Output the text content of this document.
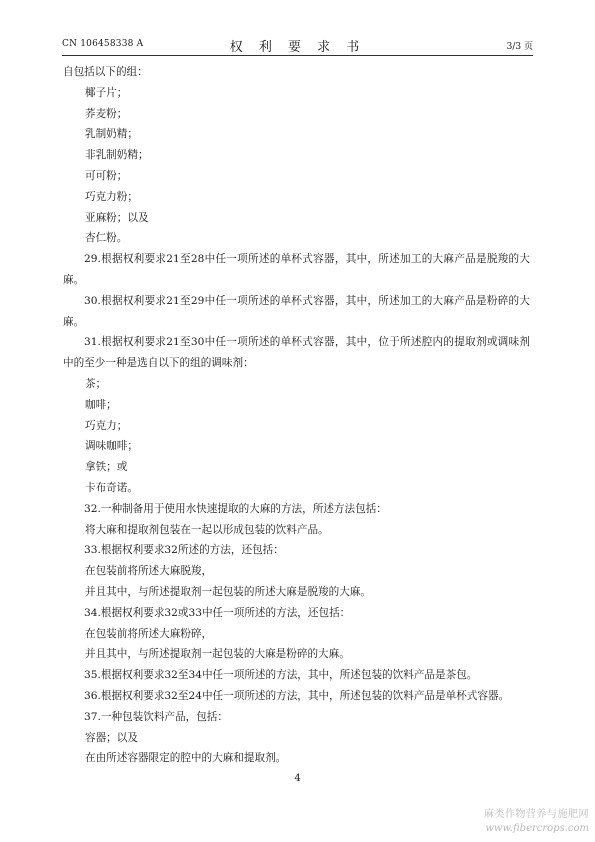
CN 106458338 A	权 利 要 求 书	3/3 页

自包括以下的组：

椰子片；

荞麦粉；

乳制奶精；

非乳制奶精；

可可粉；

巧克力粉；

亚麻粉；以及

杏仁粉。

29.根据权利要求21至28中任一项所述的单杯式容器，其中，所述加工的大麻产品是脱羧的大麻。

30.根据权利要求21至29中任一项所述的单杯式容器，其中，所述加工的大麻产品是粉碎的大麻。

31.根据权利要求21至30中任一项所述的单杯式容器，其中，位于所述腔内的提取剂或调味剂中的至少一种是选自以下的组的调味剂：

茶；

咖啡；

巧克力；

调味咖啡；

拿铁；或

卡布奇诺。

32.一种制备用于使用水快速提取的大麻的方法，所述方法包括：

将大麻和提取剂包装在一起以形成包装的饮料产品。

33.根据权利要求32所述的方法，还包括：

在包装前将所述大麻脱羧，

并且其中，与所述提取剂一起包装的所述大麻是脱羧的大麻。

34.根据权利要求32或33中任一项所述的方法，还包括：

在包装前将所述大麻粉碎，

并且其中，与所述提取剂一起包装的大麻是粉碎的大麻。

35.根据权利要求32至34中任一项所述的方法，其中，所述包装的饮料产品是茶包。

36.根据权利要求32至24中任一项所述的方法，其中，所述包装的饮料产品是单杯式容器。

37.一种包装饮料产品，包括：

容器；以及

在由所述容器限定的腔中的大麻和提取剂。

4
麻类作物营养与施肥网
www.fibercrops.com
